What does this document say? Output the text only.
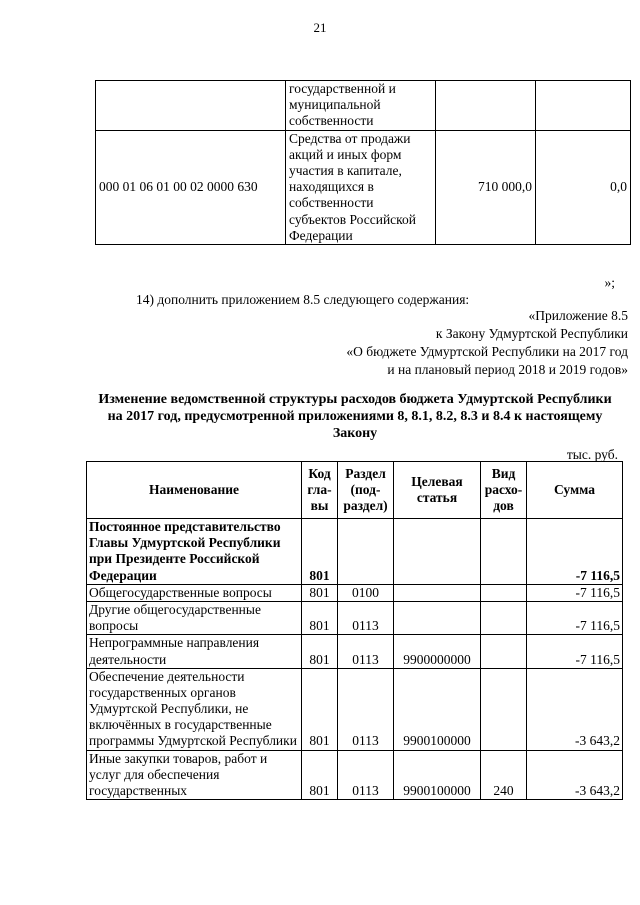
21
	государственной и муниципальной собственности		
000 01 06 01 00 02 0000 630	Средства от продажи акций и иных форм участия в капитале, находящихся в собственности субъектов Российской Федерации	710 000,0	0,0
»;
14) дополнить приложением 8.5 следующего содержания:
«Приложение 8.5
к Закону Удмуртской Республики
«О бюджете Удмуртской Республики на 2017 год
и на плановый период 2018 и 2019 годов»
Изменение ведомственной структуры расходов бюджета Удмуртской Республики на 2017 год, предусмотренной приложениями 8, 8.1, 8.2, 8.3 и 8.4 к настоящему Закону
тыс. руб.
Наименование	Код гла-вы	Раздел (под-раздел)	Целевая статья	Вид расхо-дов	Сумма
Постоянное представительство Главы Удмуртской Республики при Президенте Российской Федерации	801				-7 116,5
Общегосударственные вопросы	801	0100			-7 116,5
Другие общегосударственные вопросы	801	0113			-7 116,5
Непрограммные направления деятельности	801	0113	9900000000		-7 116,5
Обеспечение деятельности государственных органов Удмуртской Республики, не включённых в государственные программы Удмуртской Республики	801	0113	9900100000		-3 643,2
Иные закупки товаров, работ и услуг для обеспечения государственных	801	0113	9900100000	240	-3 643,2
